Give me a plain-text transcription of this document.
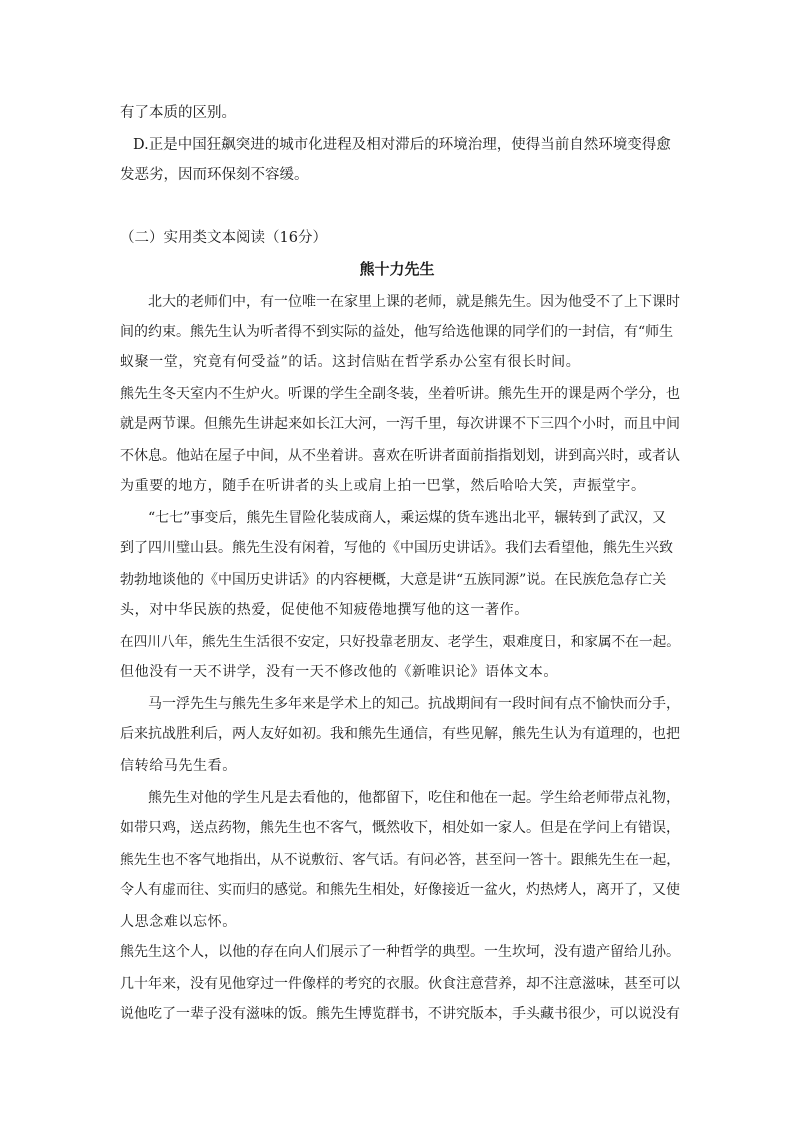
有了本质的区别。
D.正是中国狂飙突进的城市化进程及相对滞后的环境治理，使得当前自然环境变得愈
发恶劣，因而环保刻不容缓。
（二）实用类文本阅读（16分）
熊十力先生
北大的老师们中，有一位唯一在家里上课的老师，就是熊先生。因为他受不了上下课时
间的约束。熊先生认为听者得不到实际的益处，他写给选他课的同学们的一封信，有“师生
蚁聚一堂，究竟有何受益”的话。这封信贴在哲学系办公室有很长时间。
熊先生冬天室内不生炉火。听课的学生全副冬装，坐着听讲。熊先生开的课是两个学分，也
就是两节课。但熊先生讲起来如长江大河，一泻千里，每次讲课不下三四个小时，而且中间
不休息。他站在屋子中间，从不坐着讲。喜欢在听讲者面前指指划划，讲到高兴时，或者认
为重要的地方，随手在听讲者的头上或肩上拍一巴掌，然后哈哈大笑，声振堂宇。
“七七”事变后，熊先生冒险化装成商人，乘运煤的货车逃出北平，辗转到了武汉，又
到了四川璧山县。熊先生没有闲着，写他的《中国历史讲话》。我们去看望他，熊先生兴致
勃勃地谈他的《中国历史讲话》的内容梗概，大意是讲“五族同源”说。在民族危急存亡关
头，对中华民族的热爱，促使他不知疲倦地撰写他的这一著作。
在四川八年，熊先生生活很不安定，只好投靠老朋友、老学生，艰难度日，和家属不在一起。
但他没有一天不讲学，没有一天不修改他的《新唯识论》语体文本。
马一浮先生与熊先生多年来是学术上的知己。抗战期间有一段时间有点不愉快而分手，
后来抗战胜利后，两人友好如初。我和熊先生通信，有些见解，熊先生认为有道理的，也把
信转给马先生看。
熊先生对他的学生凡是去看他的，他都留下，吃住和他在一起。学生给老师带点礼物，
如带只鸡，送点药物，熊先生也不客气，慨然收下，相处如一家人。但是在学问上有错误，
熊先生也不客气地指出，从不说敷衍、客气话。有问必答，甚至问一答十。跟熊先生在一起，
令人有虚而往、实而归的感觉。和熊先生相处，好像接近一盆火，灼热烤人，离开了，又使
人思念难以忘怀。
熊先生这个人，以他的存在向人们展示了一种哲学的典型。一生坎坷，没有遗产留给儿孙。
几十年来，没有见他穿过一件像样的考究的衣服。伙食注意营养，却不注意滋味，甚至可以
说他吃了一辈子没有滋味的饭。熊先生博览群书，不讲究版本，手头藏书很少，可以说没有
